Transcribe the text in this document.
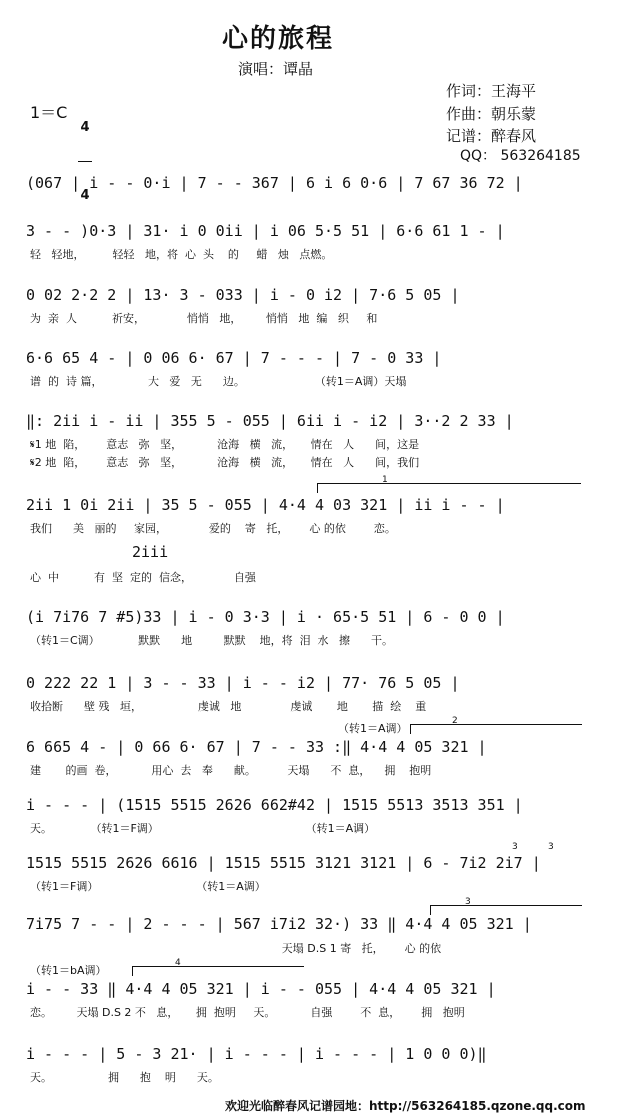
心的旅程
演唱：谭晶
1＝C

4

4

作词：王海平
作曲：朝乐蒙
记谱：醉春风
QQ： 563264185
(067 | i - - 0·i | 7 - - 367 | 6 i 6 0·6 | 7 67 36 72 |
3 - - )0·3 | 31· i 0 0ii | i 06 5·5 51 | 6·6 61 1 - |
轻   轻地，        轻轻   地，将  心  头    的     蜡   烛   点燃。
0 02 2·2 2 | 13· 3 - 033 | i - 0 i2 | 7·6 5 05 |
为  亲  人          祈安，            悄悄   地，       悄悄   地  编   织     和
6·6 65 4 - | 0 06 6· 67 | 7 - - - | 7 - 0 33 |
谱  的  诗 篇，             大   爱   无      边。                    （转1＝A调）天塌
‖: 2ii i - ii | 355 5 - 055 | 6ii i - i2 | 3··2 2 33 |
𝄋1 地  陷，      意志   弥   坚，          沧海   横   流，     情在   人      间，这是
𝄋2 地  陷，      意志   弥   坚，          沧海   横   流，     情在   人      间，我们
1
2ii 1 0i 2ii | 35 5 - 055 | 4·4 4 03 321 | ii i - - |
我们      美   丽的     家园，            爱的    寄   托，      心 的依        恋。
2iii
心  中          有  坚  定的  信念，            自强
(i 7i76 7 #5)33 | i - 0 3·3 | i · 65·5 51 | 6 - 0 0 |
（转1＝C调）           默默      地         默默    地，将  泪  水   擦      干。
0 222 22 1 | 3 - - 33 | i - - i2 | 77· 76 5 05 |
收拾断      壁 残   垣，                虔诚   地              虔诚       地       描  绘    重
（转1＝A调）
2
6 665 4 - | 0 66 6· 67 | 7 - - 33 :‖ 4·4 4 05 321 |
建       的画  卷，          用心  去   奉      献。         天塌      不  息，    拥    抱明
i - - - | (1515 5515 2626 662#42 | 1515 5513 3513 351 |
天。           （转1＝F调）                                          （转1＝A调）
3	3
1515 5515 2626 6616 | 1515 5515 3121 3121 | 6 - 7i2 2i7 |
（转1＝F调）                            （转1＝A调）
3
7i75 7 - - | 2 - - - | 567 i7i2 32·) 33 ‖ 4·4 4 05 321 |
天塌 D.S 1 寄   托，      心 的依
（转1＝bA调）
4
i - - 33 ‖ 4·4 4 05 321 | i - - 055 | 4·4 4 05 321 |
恋。       天塌 D.S 2 不   息，     拥  抱明     天。          自强        不  息，      拥   抱明
i - - - | 5 - 3 21· | i - - - | i - - - | 1 0 0 0)‖
天。                拥      抱    明      天。
欢迎光临醉春风记谱园地：http://563264185.qzone.qq.com
